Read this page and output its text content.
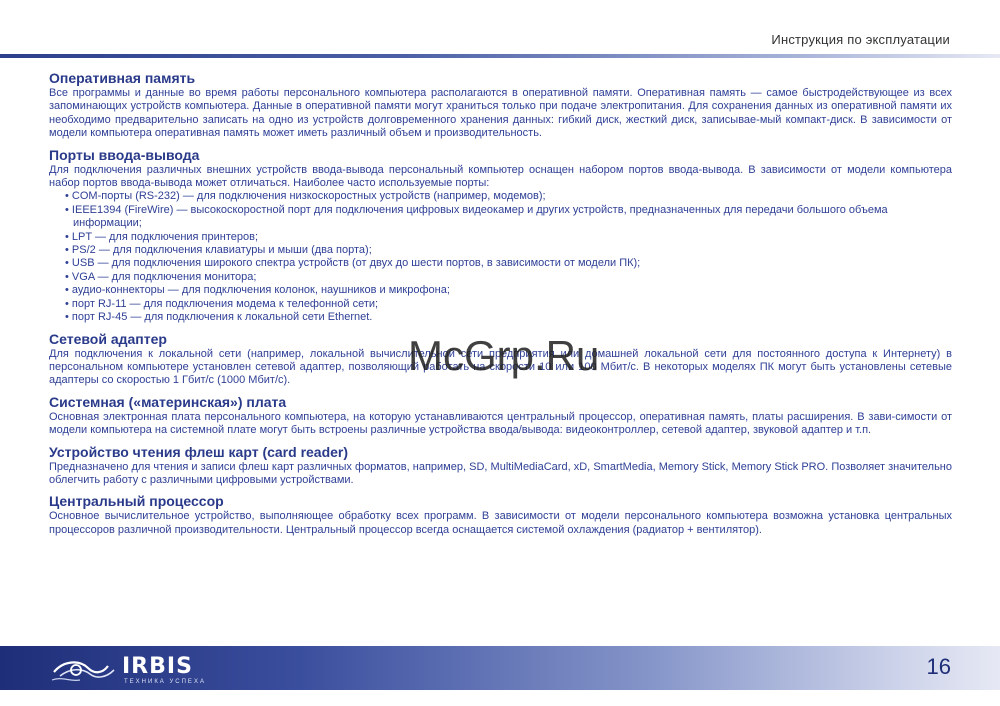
Инструкция по эксплуатации
Оперативная память

Все программы и данные во время работы персонального компьютера располагаются в оперативной памяти. Оперативная память — самое быстродействующее из всех запоминающих устройств компьютера. Данные в оперативной памяти могут храниться только при подаче электропитания. Для сохранения данных из оперативной памяти их необходимо предварительно записать на одно из устройств долговременного хранения данных: гибкий диск, жесткий диск, записывае-мый компакт-диск. В зависимости от модели компьютера оперативная память может иметь различный объем и производительность.

Порты ввода-вывода

Для подключения различных внешних устройств ввода-вывода персональный компьютер оснащен набором портов ввода-вывода. В зависимости от модели компьютера набор портов ввода-вывода может отличаться. Наиболее часто используемые порты:

• COM-порты (RS-232) — для подключения низкоскоростных устройств (например, модемов);
• IEEE1394 (FireWire) — высокоскоростной порт для подключения цифровых видеокамер и других устройств, предназначенных для передачи большого объема информации;
• LPT — для подключения принтеров;
• PS/2 — для подключения клавиатуры и мыши (два порта);
• USB — для подключения широкого спектра устройств (от двух до шести портов, в зависимости от модели ПК);
• VGA — для подключения монитора;
• аудио-коннекторы — для подключения колонок, наушников и микрофона;
• порт RJ-11 — для подключения модема к телефонной сети;
• порт RJ-45 — для подключения к локальной сети Ethernet.
Сетевой адаптер

Для подключения к локальной сети (например, локальной вычислительной сети предприятия или домашней локальной сети для постоянного доступа к Интернету) в персональном компьютере установлен сетевой адаптер, позволяющий работать на скорости 10 или 100 Мбит/с. В некоторых моделях ПК могут быть установлены сетевые адаптеры со скоростью 1 Гбит/с (1000 Мбит/с).

Системная («материнская») плата

Основная электронная плата персонального компьютера, на которую устанавливаются центральный процессор, оперативная память, платы расширения. В зави-симости от модели компьютера на системной плате могут быть встроены различные устройства ввода/вывода: видеоконтроллер, сетевой адаптер, звуковой адаптер и т.п.

Устройство чтения флеш карт (card reader)

Предназначено для чтения и записи флеш карт различных форматов, например, SD, MultiMediaCard, xD, SmartMedia, Memory Stick, Memory Stick PRO. Позволяет значительно облегчить работу с различными цифровыми устройствами.

Центральный процессор

Основное вычислительное устройство, выполняющее обработку всех программ. В зависимости от модели персонального компьютера возможна установка центральных процессоров различной производительности. Центральный процессор всегда оснащается системой охлаждения (радиатор + вентилятор).

McGrp.Ru
IRBIS
ТЕХНИКА УСПЕХА
16
